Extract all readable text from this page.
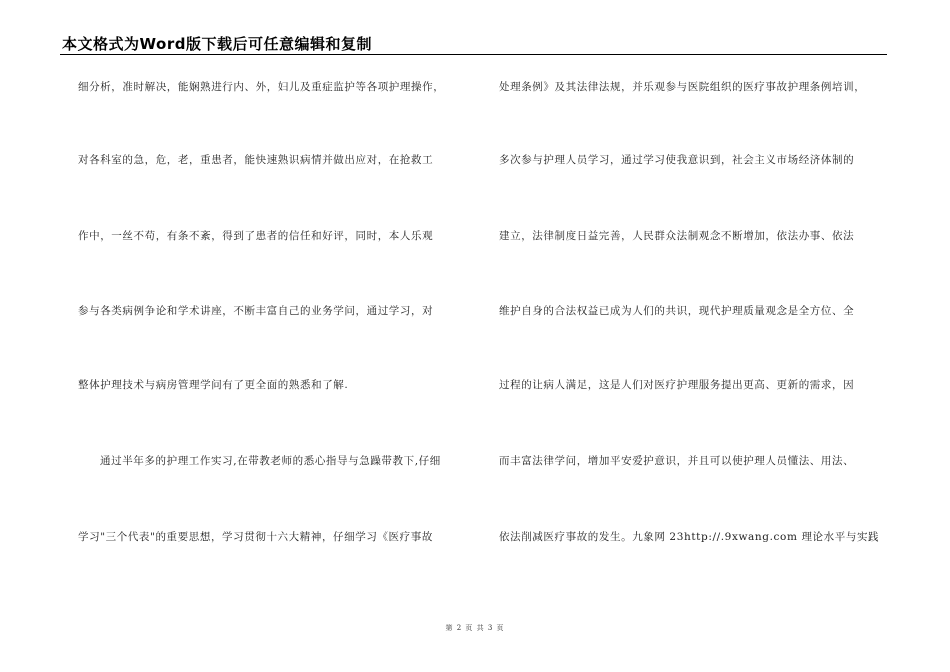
本文格式为Word版下载后可任意编辑和复制
细分析，准时解决，能娴熟进行内、外，妇儿及重症监护等各项护理操作，
对各科室的急，危，老，重患者，能快速熟识病情并做出应对，在抢救工
作中，一丝不苟，有条不紊，得到了患者的信任和好评，同时，本人乐观
参与各类病例争论和学术讲座，不断丰富自己的业务学问，通过学习，对
整体护理技术与病房管理学问有了更全面的熟悉和了解.
通过半年多的护理工作实习,在带教老师的悉心指导与急躁带教下,仔细
学习"三个代表"的重要思想，学习贯彻十六大精神，仔细学习《医疗事故
处理条例》及其法律法规，并乐观参与医院组织的医疗事故护理条例培训，
多次参与护理人员学习，通过学习使我意识到，社会主义市场经济体制的
建立，法律制度日益完善，人民群众法制观念不断增加，依法办事、依法
维护自身的合法权益已成为人们的共识，现代护理质量观念是全方位、全
过程的让病人满足，这是人们对医疗护理服务提出更高、更新的需求，因
而丰富法律学问，增加平安爱护意识，并且可以使护理人员懂法、用法、
依法削减医疗事故的发生。九象网 23http://.9xwang.com 理论水平与实践
第 2 页 共 3 页
